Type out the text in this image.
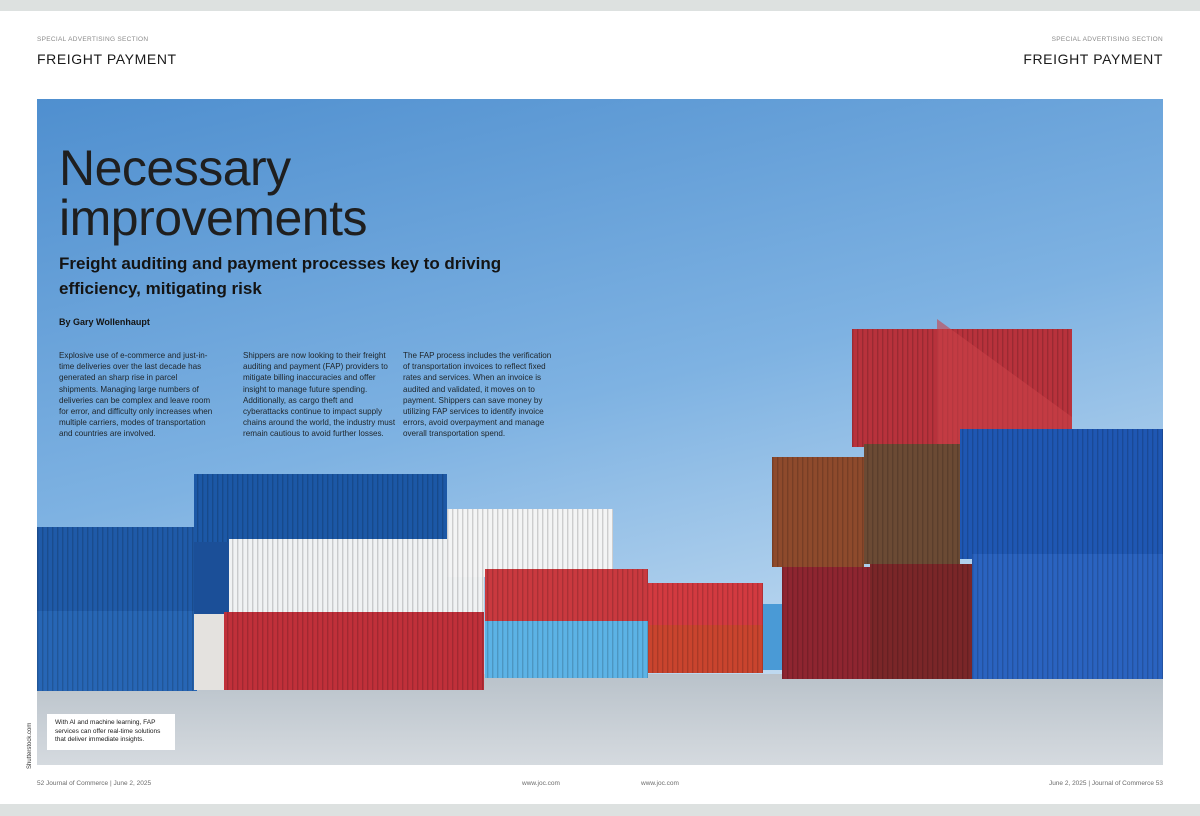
SPECIAL ADVERTISING SECTION
FREIGHT PAYMENT
SPECIAL ADVERTISING SECTION
FREIGHT PAYMENT
Necessary
improvements
Freight auditing and payment processes key to driving efficiency, mitigating risk
By Gary Wollenhaupt
Explosive use of e-commerce and just-in-time deliveries over the last decade has generated an sharp rise in parcel shipments. Managing large numbers of deliveries can be complex and leave room for error, and difficulty only increases when multiple carriers, modes of transportation and countries are involved.
Shippers are now looking to their freight auditing and payment (FAP) providers to mitigate billing inaccuracies and offer insight to manage future spending. Additionally, as cargo theft and cyberattacks continue to impact supply chains around the world, the industry must remain cautious to avoid further losses.
The FAP process includes the verification of transportation invoices to reflect fixed rates and services. When an invoice is audited and validated, it moves on to payment. Shippers can save money by utilizing FAP services to identify invoice errors, avoid overpayment and manage overall transportation spend.
With AI and machine learning, FAP services can offer real-time solutions that deliver immediate insights.
Shutterstock.com
52 Journal of Commerce | June 2, 2025	www.joc.com	www.joc.com	June 2, 2025 | Journal of Commerce 53
